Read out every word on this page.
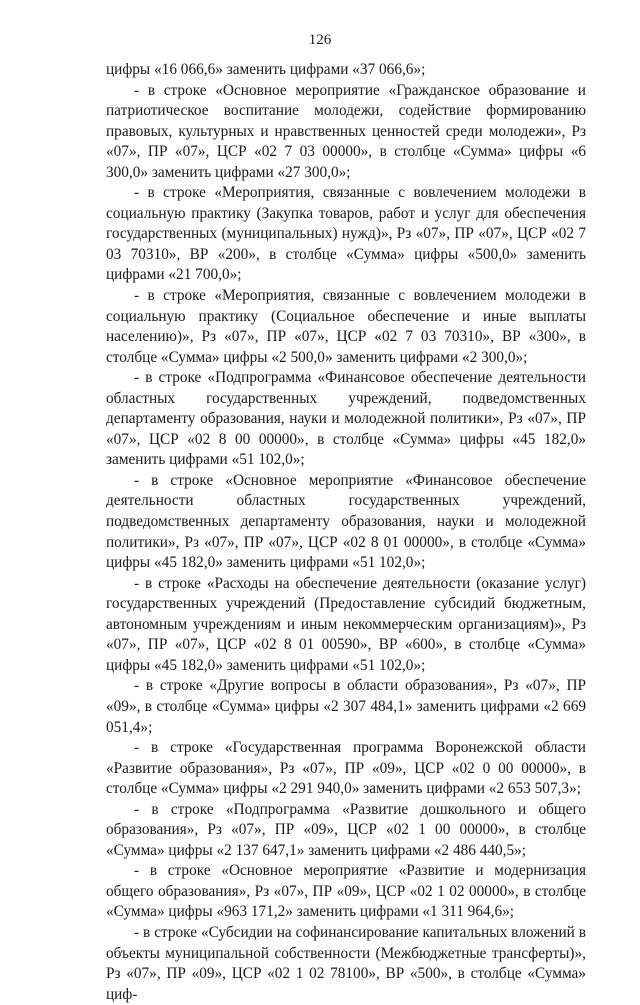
126

цифры «16 066,6» заменить цифрами «37 066,6»;

- в строке «Основное мероприятие «Гражданское образование и патриотическое воспитание молодежи, содействие формированию правовых, культурных и нравственных ценностей среди молодежи», Рз «07», ПР «07», ЦСР «02 7 03 00000», в столбце «Сумма» цифры «6 300,0» заменить цифрами «27 300,0»;

- в строке «Мероприятия, связанные с вовлечением молодежи в социальную практику (Закупка товаров, работ и услуг для обеспечения государственных (муниципальных) нужд)», Рз «07», ПР «07», ЦСР «02 7 03 70310», ВР «200», в столбце «Сумма» цифры «500,0» заменить цифрами «21 700,0»;

- в строке «Мероприятия, связанные с вовлечением молодежи в социальную практику (Социальное обеспечение и иные выплаты населению)», Рз «07», ПР «07», ЦСР «02 7 03 70310», ВР «300», в столбце «Сумма» цифры «2 500,0» заменить цифрами «2 300,0»;

- в строке «Подпрограмма «Финансовое обеспечение деятельности областных государственных учреждений, подведомственных департаменту образования, науки и молодежной политики», Рз «07», ПР «07», ЦСР «02 8 00 00000», в столбце «Сумма» цифры «45 182,0» заменить цифрами «51 102,0»;

- в строке «Основное мероприятие «Финансовое обеспечение деятельности областных государственных учреждений, подведомственных департаменту образования, науки и молодежной политики», Рз «07», ПР «07», ЦСР «02 8 01 00000», в столбце «Сумма» цифры «45 182,0» заменить цифрами «51 102,0»;

- в строке «Расходы на обеспечение деятельности (оказание услуг) государственных учреждений (Предоставление субсидий бюджетным, автономным учреждениям и иным некоммерческим организациям)», Рз «07», ПР «07», ЦСР «02 8 01 00590», ВР «600», в столбце «Сумма» цифры «45 182,0» заменить цифрами «51 102,0»;

- в строке «Другие вопросы в области образования», Рз «07», ПР «09», в столбце «Сумма» цифры «2 307 484,1» заменить цифрами «2 669 051,4»;

- в строке «Государственная программа Воронежской области «Развитие образования», Рз «07», ПР «09», ЦСР «02 0 00 00000», в столбце «Сумма» цифры «2 291 940,0» заменить цифрами «2 653 507,3»;

- в строке «Подпрограмма «Развитие дошкольного и общего образования», Рз «07», ПР «09», ЦСР «02 1 00 00000», в столбце «Сумма» цифры «2 137 647,1» заменить цифрами «2 486 440,5»;

- в строке «Основное мероприятие «Развитие и модернизация общего образования», Рз «07», ПР «09», ЦСР «02 1 02 00000», в столбце «Сумма» цифры «963 171,2» заменить цифрами «1 311 964,6»;

- в строке «Субсидии на софинансирование капитальных вложений в объекты муниципальной собственности (Межбюджетные трансферты)», Рз «07», ПР «09», ЦСР «02 1 02 78100», ВР «500», в столбце «Сумма» циф-
